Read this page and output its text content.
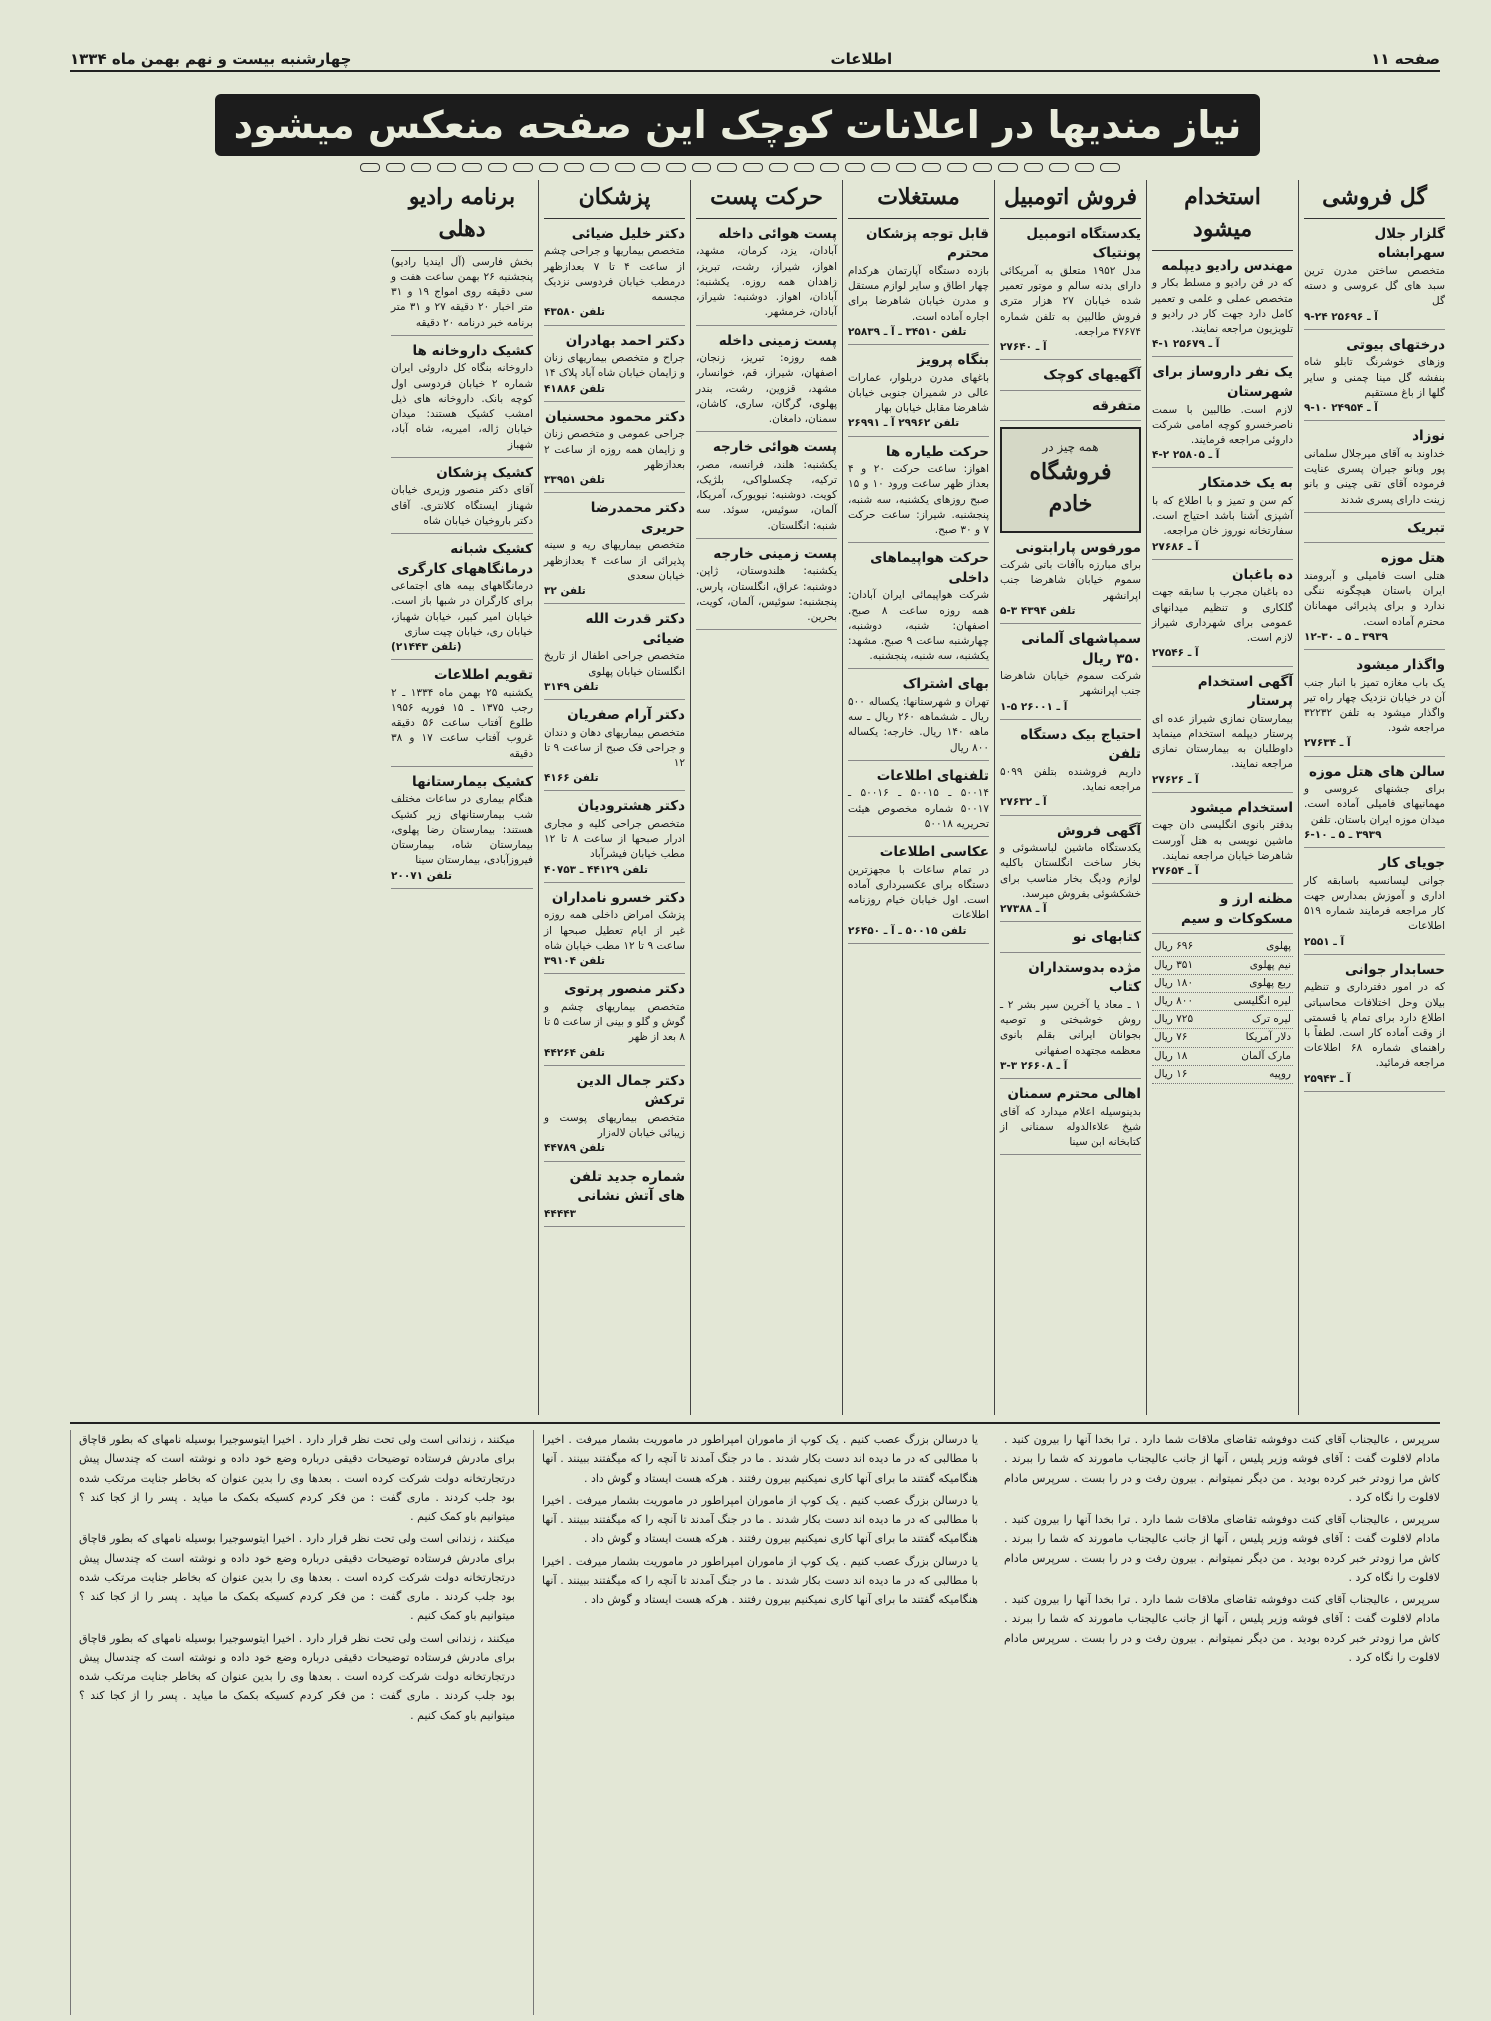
صفحه ۱۱
اطلاعات
چهارشنبه بیست و نهم بهمن ماه ۱۳۳۴
نیاز مندیها در اعلانات کوچک این صفحه منعکس میشود
گل فروشی
گلزار جلال سهرابشاه
متخصص ساختن مدرن ترین سبد های گل عروسی و دسته گل
آ ـ ۲۵۶۹۶ ۲۴-۹
درختهای بیوتی
وزهای خوشرنگ تابلو شاه بنفشه گل مینا چمنی و سایر گلها از باغ مستقیم
آ ـ ۲۴۹۵۴ ۱۰-۹
نوزاد
خداوند به آقای میرجلال سلمانی پور وبانو جیران پسری عنایت فرموده آقای تقی چینی و بانو زینت دارای پسری شدند
تبریک
هتل موزه
هتلی است فامیلی و آبرومند ایران باستان هیچگونه ننگی ندارد و برای پذیرائی مهمانان محترم آماده است.
۳۹۳۹ ـ ۵ ـ ۳۰-۱۲
واگذار میشود
یک باب مغازه تمیز با انبار جنب آن در خیابان نزدیک چهار راه تیر واگذار میشود به تلفن ۳۲۲۳۲ مراجعه شود.
آ ـ ۲۷۶۳۴
سالن های هتل موزه
برای جشنهای عروسی و مهمانیهای فامیلی آماده است. میدان موزه ایران باستان. تلفن
۳۹۳۹ ـ ۵ ـ ۱۰-۶
جویای کار
جوانی لیسانسیه باسابقه کار اداری و آموزش بمدارس جهت کار مراجعه فرمایند شماره ۵۱۹ اطلاعات
آ ـ ۲۵۵۱
حسابدار جوانی
که در امور دفترداری و تنظیم بیلان وحل اختلافات محاسباتی اطلاع دارد برای تمام یا قسمتی از وقت آماده کار است. لطفاً با راهنمای شماره ۶۸ اطلاعات مراجعه فرمائید.
آ ـ ۲۵۹۴۳
استخدام میشود
مهندس رادیو دیپلمه
که در فن رادیو و مسلط بکار و متخصص عملی و علمی و تعمیر کامل دارد جهت کار در رادیو و تلویزیون مراجعه نمایند.
آ ـ ۲۵۶۷۹ ۱-۴
یک نفر داروساز برای شهرستان
لازم است. طالبین با سمت ناصرخسرو کوچه امامی شرکت داروئی مراجعه فرمایند.
آ ـ ۲۵۸۰۵ ۲-۴
به یک خدمتکار
کم سن و تمیز و با اطلاع که با آشپزی آشنا باشد احتیاج است. سفارتخانه نوروز خان مراجعه.
آ ـ ۲۷۶۸۶
ده باغبان
ده باغبان مجرب با سابقه جهت گلکاری و تنظیم میدانهای عمومی برای شهرداری شیراز لازم است.
آ ـ ۲۷۵۴۶
آگهی استخدام پرستار
بیمارستان نمازی شیراز عده ای پرستار دیپلمه استخدام مینماید داوطلبان به بیمارستان نمازی مراجعه نمایند.
آ ـ ۲۷۶۲۶
استخدام میشود
بدفتر بانوی انگلیسی دان جهت ماشین نویسی به هتل آورست شاهرضا خیابان مراجعه نمایند.
آ ـ ۲۷۶۵۴
مظنه ارز و مسکوکات و سیم
پهلوی	۶۹۶ ریال
نیم پهلوی	۳۵۱ ریال
ربع پهلوی	۱۸۰ ریال
لیره انگلیسی	۸۰۰ ریال
لیره ترک	۷۲۵ ریال
دلار آمریکا	۷۶ ریال
مارک آلمان	۱۸ ریال
روپیه	۱۶ ریال
فروش اتومبیل
یکدستگاه اتومبیل پونتیاک
مدل ۱۹۵۲ متعلق به آمریکائی دارای بدنه سالم و موتور تعمیر شده خیابان ۲۷ هزار متری فروش طالبین به تلفن شماره ۴۷۶۷۴ مراجعه.
آ ـ ۲۷۶۴۰
آگهیهای کوچک
متفرقه
همه چیز در
فروشگاه خادم
مورفوس پارابتونی
برای مبارزه باآفات باتی شرکت سموم خیابان شاهرضا جنب اپرانشهر
تلفن ۴۳۹۴ ۳-۵
سمپاشهای آلمانی ۳۵۰ ریال
شرکت سموم خیابان شاهرضا جنب اپرانشهر
آ ـ ۲۶۰۰۱ ۵-۱
احتیاج بیک دستگاه تلفن
داریم فروشنده بتلفن ۵۰۹۹ مراجعه نماید.
آ ـ ۲۷۶۳۲
آگهی فروش
یکدستگاه ماشین لباسشوئی و بخار ساخت انگلستان باکلیه لوازم ودیگ بخار مناسب برای خشکشوئی بفروش میرسد.
آ ـ ۲۷۳۸۸
کتابهای نو
مژده بدوستداران کتاب
۱ ـ معاد یا آخرین سیر بشر ۲ ـ روش خوشبختی و توصیه بجوانان ایرانی بقلم بانوی معظمه مجتهده اصفهانی
آ ـ ۲۶۶۰۸ ۳-۳
اهالی محترم سمنان
بدینوسیله اعلام میدارد که آقای شیخ علاءالدوله سمنانی از کتابخانه ابن سینا
مستغلات
قابل توجه پزشکان محترم
بازده دستگاه آپارتمان هرکدام چهار اطاق و سایر لوازم مستقل و مدرن خیابان شاهرضا برای اجاره آماده است.
تلفن ۳۴۵۱۰ ـ آ ـ ۲۵۸۳۹
بنگاه پرویز
باغهای مدرن دربلوار، عمارات عالی در شمیران جنوبی خیابان شاهرضا مقابل خیابان بهار
تلفن ۲۹۹۶۲ آ ـ ۲۶۹۹۱
حرکت طیاره ها
اهواز: ساعت حرکت ۲۰ و ۴ بعداز ظهر ساعت ورود ۱۰ و ۱۵ صبح روزهای یکشنبه، سه شنبه، پنجشنبه. شیراز: ساعت حرکت ۷ و ۳۰ صبح.
حرکت هواپیماهای داخلی
شرکت هواپیمائی ایران آبادان: همه روزه ساعت ۸ صبح. اصفهان: شنبه، دوشنبه، چهارشنبه ساعت ۹ صبح. مشهد: یکشنبه، سه شنبه، پنجشنبه.
بهای اشتراک
تهران و شهرستانها: یکساله ۵۰۰ ریال ـ ششماهه ۲۶۰ ریال ـ سه ماهه ۱۴۰ ریال. خارجه: یکساله ۸۰۰ ریال
تلفنهای اطلاعات
۵۰۰۱۴ ـ ۵۰۰۱۵ ـ ۵۰۰۱۶ ـ ۵۰۰۱۷ شماره مخصوص هیئت تحریریه ۵۰۰۱۸
عکاسی اطلاعات
در تمام ساعات با مجهزترین دستگاه برای عکسبرداری آماده است. اول خیابان خیام روزنامه اطلاعات
تلفن ۵۰۰۱۵ ـ آ ـ ۲۶۴۵۰
حرکت پست
پست هوائی داخله
آبادان، یزد، کرمان، مشهد، اهواز، شیراز، رشت، تبریز، زاهدان همه روزه. یکشنبه: آبادان، اهواز. دوشنبه: شیراز، آبادان، خرمشهر.
پست زمینی داخله
همه روزه: تبریز، زنجان، اصفهان، شیراز، قم، خوانسار، مشهد، قزوین، رشت، بندر پهلوی، گرگان، ساری، کاشان، سمنان، دامغان.
پست هوائی خارجه
یکشنبه: هلند، فرانسه، مصر، ترکیه، چکسلواکی، بلژیک، کویت. دوشنبه: نیویورک، آمریکا، آلمان، سوئیس، سوئد. سه شنبه: انگلستان.
پست زمینی خارجه
یکشنبه: هلندوستان، ژاپن. دوشنبه: عراق، انگلستان، پارس. پنجشنبه: سوئیس، آلمان، کویت، بحرین.
پزشکان
دکتر خلیل ضیائی
متخصص بیماریها و جراحی چشم از ساعت ۴ تا ۷ بعدازظهر درمطب خیابان فردوسی نزدیک مجسمه
تلفن ۴۳۵۸۰
دکتر احمد بهادران
جراح و متخصص بیماریهای زنان و زایمان خیابان شاه آباد پلاک ۱۴
تلفن ۴۱۸۸۶
دکتر محمود محسنیان
جراحی عمومی و متخصص زنان و زایمان همه روزه از ساعت ۲ بعدازظهر
تلفن ۳۳۹۵۱
دکتر محمدرضا حریری
متخصص بیماریهای ریه و سینه پذیرائی از ساعت ۴ بعدازظهر خیابان سعدی
تلفن ۳۲
دکتر قدرت الله ضیائی
متخصص جراحی اطفال از تاریخ انگلستان خیابان پهلوی
تلفن ۳۱۴۹
دکتر آرام صفریان
متخصص بیماریهای دهان و دندان و جراحی فک صبح از ساعت ۹ تا ۱۲
تلفن ۴۱۶۶
دکتر هشترودیان
متخصص جراحی کلیه و مجاری ادرار صبحها از ساعت ۸ تا ۱۲ مطب خیابان فیشرآباد
تلفن ۴۴۱۲۹ ـ ۴۰۷۵۳
دکتر خسرو نامداران
پزشک امراض داخلی همه روزه غیر از ایام تعطیل صبحها از ساعت ۹ تا ۱۲ مطب خیابان شاه
تلفن ۳۹۱۰۴
دکتر منصور پرتوی
متخصص بیماریهای چشم و گوش و گلو و بینی از ساعت ۵ تا ۸ بعد از ظهر
تلفن ۴۴۲۶۴
دکتر جمال الدین ترکش
متخصص بیماریهای پوست و زیبائی خیابان لاله‌زار
تلفن ۴۴۷۸۹
شماره جدید تلفن های آتش نشانی
۴۴۴۴۳
برنامه رادیو دهلی
بخش فارسی (آل ایندیا رادیو) پنجشنبه ۲۶ بهمن ساعت هفت و سی دقیقه روی امواج ۱۹ و ۳۱ متر اخبار ۲۰ دقیقه ۲۷ و ۳۱ متر برنامه خبر درنامه ۲۰ دقیقه
کشیک داروخانه ها
داروخانه بنگاه کل داروئی ایران شماره ۲ خیابان فردوسی اول کوچه بانک. داروخانه های ذیل امشب کشیک هستند: میدان خیابان ژاله، امیریه، شاه آباد، شهباز
کشیک پزشکان
آقای دکتر منصور وزیری خیابان شهناز ایستگاه کلانتری. آقای دکتر باروخیان خیابان شاه
کشیک شبانه درمانگاههای کارگری
درمانگاههای بیمه های اجتماعی برای کارگران در شبها باز است. خیابان امیر کبیر، خیابان شهباز، خیابان ری، خیابان چیت سازی
(تلفن ۲۱۴۴۳)
تقویم اطلاعات
یکشنبه ۲۵ بهمن ماه ۱۳۳۴ ـ ۲ رجب ۱۳۷۵ ـ ۱۵ فوریه ۱۹۵۶ طلوع آفتاب ساعت ۵۶ دقیقه غروب آفتاب ساعت ۱۷ و ۳۸ دقیقه
کشیک بیمارستانها
هنگام بیماری در ساعات مختلف شب بیمارستانهای زیر کشیک هستند: بیمارستان رضا پهلوی، بیمارستان شاه، بیمارستان فیروزآبادی، بیمارستان سینا
تلفن ۲۰۰۷۱

میکنند ، زندانی است ولی تحت نظر قرار دارد . اخیرا ایتوسوجیرا بوسیله نامهای که بطور قاچاق برای مادرش فرستاده توضیحات دقیقی درباره وضع خود داده و نوشته است که چندسال پیش درتجارتخانه دولت شرکت کرده است . بعدها وی را بدین عنوان که بخاطر جنایت مرتکب شده بود جلب کردند . ماری گفت : من فکر کردم کسیکه بکمک ما میاید . پسر را از کجا کند ؟ میتوانیم باو کمک کنیم .

میکنند ، زندانی است ولی تحت نظر قرار دارد . اخیرا ایتوسوجیرا بوسیله نامهای که بطور قاچاق برای مادرش فرستاده توضیحات دقیقی درباره وضع خود داده و نوشته است که چندسال پیش درتجارتخانه دولت شرکت کرده است . بعدها وی را بدین عنوان که بخاطر جنایت مرتکب شده بود جلب کردند . ماری گفت : من فکر کردم کسیکه بکمک ما میاید . پسر را از کجا کند ؟ میتوانیم باو کمک کنیم .

میکنند ، زندانی است ولی تحت نظر قرار دارد . اخیرا ایتوسوجیرا بوسیله نامهای که بطور قاچاق برای مادرش فرستاده توضیحات دقیقی درباره وضع خود داده و نوشته است که چندسال پیش درتجارتخانه دولت شرکت کرده است . بعدها وی را بدین عنوان که بخاطر جنایت مرتکب شده بود جلب کردند . ماری گفت : من فکر کردم کسیکه بکمک ما میاید . پسر را از کجا کند ؟ میتوانیم باو کمک کنیم .

یا درسالن بزرگ عصب کنیم . یک کوپ از ماموران امپراطور در ماموریت بشمار میرفت . اخیرا با مطالبی که در ما دیده اند دست بکار شدند . ما در جنگ آمدند تا آنچه را که میگفتند ببینند . آنها هنگامیکه گفتند ما برای آنها کاری نمیکنیم بیرون رفتند . هرکه هست ایستاد و گوش داد .

یا درسالن بزرگ عصب کنیم . یک کوپ از ماموران امپراطور در ماموریت بشمار میرفت . اخیرا با مطالبی که در ما دیده اند دست بکار شدند . ما در جنگ آمدند تا آنچه را که میگفتند ببینند . آنها هنگامیکه گفتند ما برای آنها کاری نمیکنیم بیرون رفتند . هرکه هست ایستاد و گوش داد .

یا درسالن بزرگ عصب کنیم . یک کوپ از ماموران امپراطور در ماموریت بشمار میرفت . اخیرا با مطالبی که در ما دیده اند دست بکار شدند . ما در جنگ آمدند تا آنچه را که میگفتند ببینند . آنها هنگامیکه گفتند ما برای آنها کاری نمیکنیم بیرون رفتند . هرکه هست ایستاد و گوش داد .

سرپرس ، عالیجناب آقای کنت دوفوشه تقاضای ملاقات شما دارد . ترا بخدا آنها را بیرون کنید . مادام لافلوت گفت : آقای فوشه وزیر پلیس ، آنها از جانب عالیجناب مامورند که شما را ببرند . کاش مرا زودتر خبر کرده بودید . من دیگر نمیتوانم . بیرون رفت و در را بست . سرپرس مادام لافلوت را نگاه کرد .

سرپرس ، عالیجناب آقای کنت دوفوشه تقاضای ملاقات شما دارد . ترا بخدا آنها را بیرون کنید . مادام لافلوت گفت : آقای فوشه وزیر پلیس ، آنها از جانب عالیجناب مامورند که شما را ببرند . کاش مرا زودتر خبر کرده بودید . من دیگر نمیتوانم . بیرون رفت و در را بست . سرپرس مادام لافلوت را نگاه کرد .

سرپرس ، عالیجناب آقای کنت دوفوشه تقاضای ملاقات شما دارد . ترا بخدا آنها را بیرون کنید . مادام لافلوت گفت : آقای فوشه وزیر پلیس ، آنها از جانب عالیجناب مامورند که شما را ببرند . کاش مرا زودتر خبر کرده بودید . من دیگر نمیتوانم . بیرون رفت و در را بست . سرپرس مادام لافلوت را نگاه کرد .
